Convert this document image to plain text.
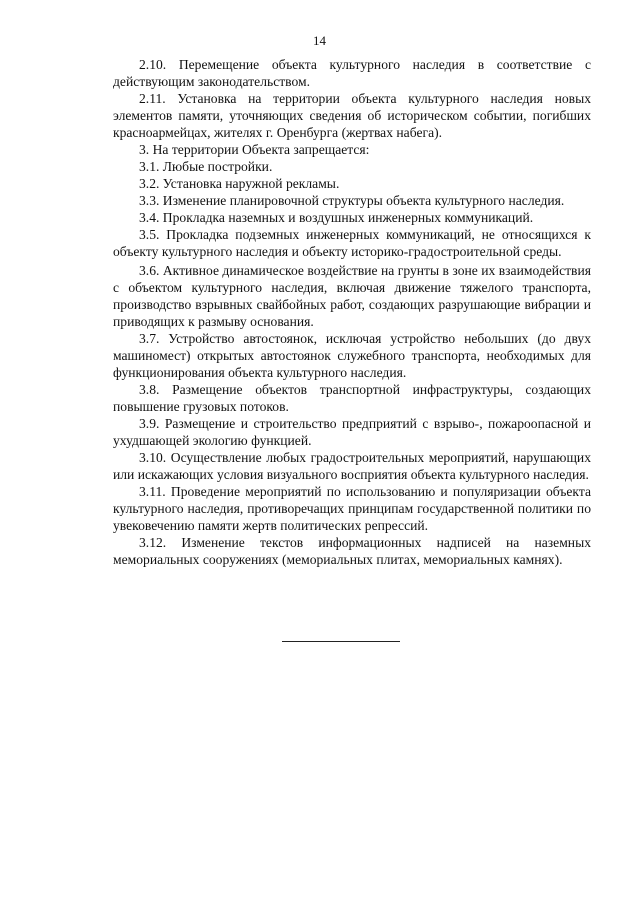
14

2.10. Перемещение объекта культурного наследия в соответствие с действующим законодательством.

2.11. Установка на территории объекта культурного наследия новых элементов памяти, уточняющих сведения об историческом событии, погибших красноармейцах, жителях г. Оренбурга (жертвах набега).

3. На территории Объекта запрещается:

3.1. Любые постройки.

3.2. Установка наружной рекламы.

3.3. Изменение планировочной структуры объекта культурного наследия.

3.4. Прокладка наземных и воздушных инженерных коммуникаций.

3.5. Прокладка подземных инженерных коммуникаций, не относящихся к объекту культурного наследия и объекту историко-градостроительной среды.

3.6. Активное динамическое воздействие на грунты в зоне их взаимодействия с объектом культурного наследия, включая движение тяжелого транспорта, производство взрывных свайбойных работ, создающих разрушающие вибрации и приводящих к размыву основания.

3.7. Устройство автостоянок, исключая устройство небольших (до двух машиномест) открытых автостоянок служебного транспорта, необходимых для функционирования объекта культурного наследия.

3.8. Размещение объектов транспортной инфраструктуры, создающих повышение грузовых потоков.

3.9. Размещение и строительство предприятий с взрыво-, пожароопасной и ухудшающей экологию функцией.

3.10. Осуществление любых градостроительных мероприятий, нарушающих или искажающих условия визуального восприятия объекта культурного наследия.

3.11. Проведение мероприятий по использованию и популяризации объекта культурного наследия, противоречащих принципам государственной политики по увековечению памяти жертв политических репрессий.

3.12. Изменение текстов информационных надписей на наземных мемориальных сооружениях (мемориальных плитах, мемориальных камнях).
